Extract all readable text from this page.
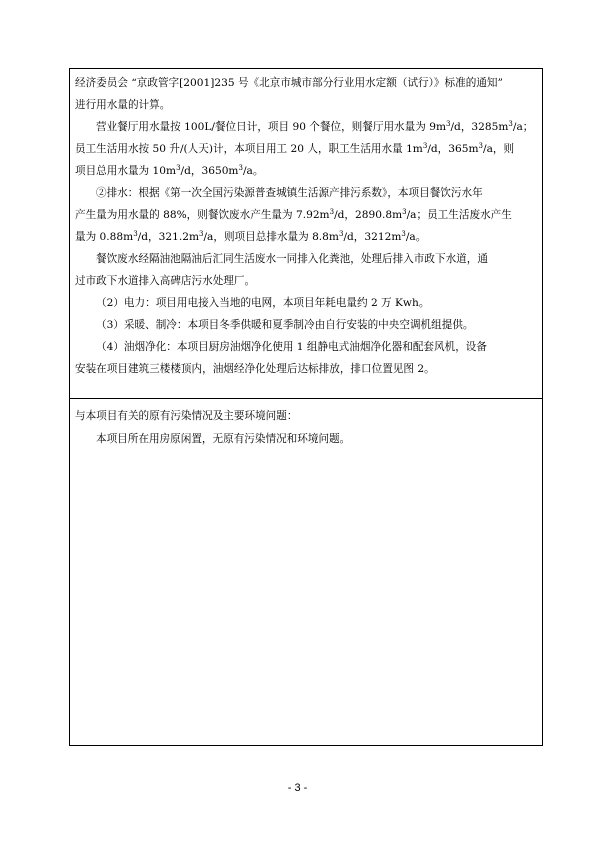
经济委员会 “京政管字[2001]235 号《北京市城市部分行业用水定额（试行）》标准的通知”
进行用水量的计算。

营业餐厅用水量按 100L/餐位日计，项目 90 个餐位，则餐厅用水量为 $9m^3/d$，$3285m^3/a$；

员工生活用水按 50 升/(人天)计，本项目用工 20 人，职工生活用水量 $1m^3/d$，$365m^3/a$，则
项目总用水量为 $10m^3/d$，$3650m^3/a$。

②排水：根据《第一次全国污染源普查城镇生活源产排污系数》，本项目餐饮污水年

产生量为用水量的 88%，则餐饮废水产生量为 $7.92m^3/d$，$2890.8m^3/a$；员工生活废水产生
量为 $0.88m^3/d$，$321.2m^3/a$，则项目总排水量为 $8.8m^3/d$，$3212m^3/a$。

餐饮废水经隔油池隔油后汇同生活废水一同排入化粪池，处理后排入市政下水道，通

过市政下水道排入高碑店污水处理厂。

（2）电力：项目用电接入当地的电网，本项目年耗电量约 2 万 Kwh。

（3）采暖、制冷：本项目冬季供暖和夏季制冷由自行安装的中央空调机组提供。

（4）油烟净化：本项目厨房油烟净化使用 1 组静电式油烟净化器和配套风机，设备

安装在项目建筑三楼楼顶内，油烟经净化处理后达标排放，排口位置见图 2。

与本项目有关的原有污染情况及主要环境问题：

本项目所在用房原闲置，无原有污染情况和环境问题。

- 3 -
